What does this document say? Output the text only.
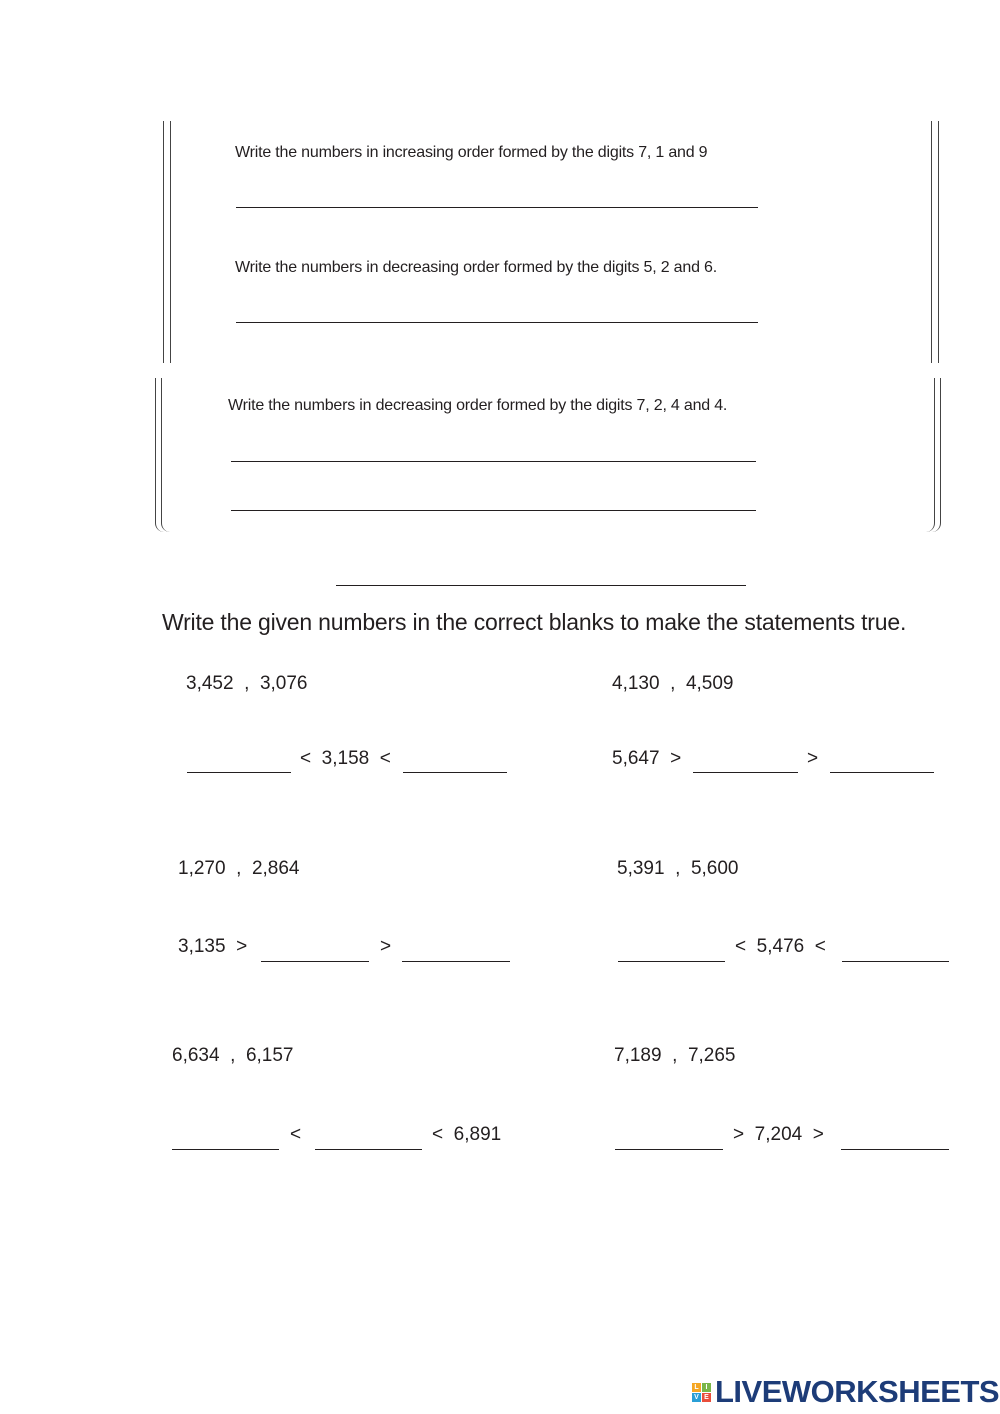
Write the numbers in increasing order formed by the digits 7, 1 and 9
Write the numbers in decreasing order formed by the digits 5, 2 and 6.
Write the numbers in decreasing order formed by the digits 7, 2, 4 and 4.
Write the given numbers in the correct blanks to make the statements true.
3,452  ,  3,076
<  3,158  <
4,130  ,  4,509
5,647  >	>
1,270  ,  2,864
3,135  >	>
5,391  ,  5,600
<  5,476  <
6,634  ,  6,157
<	<  6,891
7,189  ,  7,265
>  7,204  >
L I
V E LIVEWORKSHEETS
